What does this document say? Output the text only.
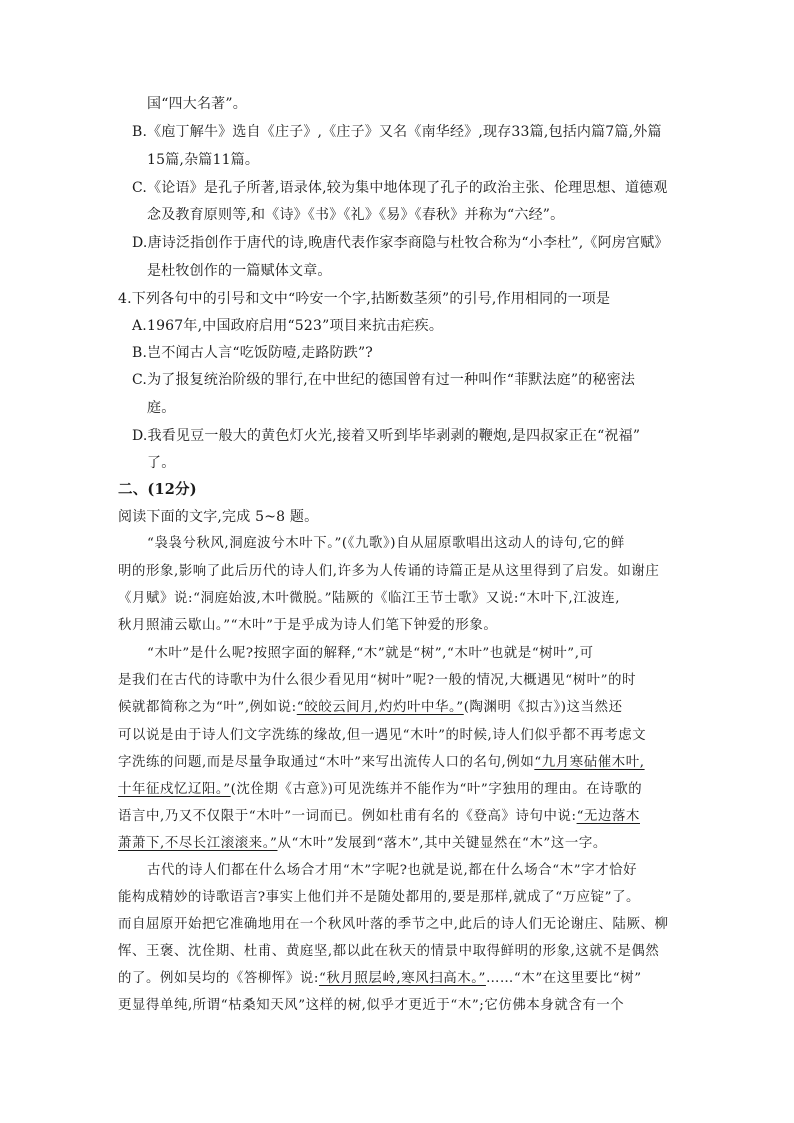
国“四大名著”。
B.《庖丁解牛》选自《庄子》,《庄子》又名《南华经》,现存33篇,包括内篇7篇,外篇
15篇,杂篇11篇。
C.《论语》是孔子所著,语录体,较为集中地体现了孔子的政治主张、伦理思想、道德观
念及教育原则等,和《诗》《书》《礼》《易》《春秋》并称为“六经”。
D.唐诗泛指创作于唐代的诗,晚唐代表作家李商隐与杜牧合称为“小李杜”,《阿房宫赋》
是杜牧创作的一篇赋体文章。
4.下列各句中的引号和文中“吟安一个字,拈断数茎须”的引号,作用相同的一项是
A.1967年,中国政府启用“523”项目来抗击疟疾。
B.岂不闻古人言“吃饭防噎,走路防跌”?
C.为了报复统治阶级的罪行,在中世纪的德国曾有过一种叫作“菲默法庭”的秘密法
庭。
D.我看见豆一般大的黄色灯火光,接着又听到毕毕剥剥的鞭炮,是四叔家正在“祝福”
了。
二、(12分)
阅读下面的文字,完成 5~8 题。
“袅袅兮秋风,洞庭波兮木叶下。”(《九歌》)自从屈原歌唱出这动人的诗句,它的鲜
明的形象,影响了此后历代的诗人们,许多为人传诵的诗篇正是从这里得到了启发。如谢庄
《月赋》说:“洞庭始波,木叶微脱。”陆厥的《临江王节士歌》又说:“木叶下,江波连,
秋月照浦云歇山。”“木叶”于是乎成为诗人们笔下钟爱的形象。
“木叶”是什么呢?按照字面的解释,“木”就是“树”,“木叶”也就是“树叶”,可
是我们在古代的诗歌中为什么很少看见用“树叶”呢?一般的情况,大概遇见“树叶”的时
候就都简称之为“叶”,例如说:“皎皎云间月,灼灼叶中华。”(陶渊明《拟古》)这当然还
可以说是由于诗人们文字洗练的缘故,但一遇见“木叶”的时候,诗人们似乎都不再考虑文
字洗练的问题,而是尽量争取通过“木叶”来写出流传人口的名句,例如“九月寒砧催木叶,
十年征戍忆辽阳。”(沈佺期《古意》)可见洗练并不能作为“叶”字独用的理由。在诗歌的
语言中,乃又不仅限于“木叶”一词而已。例如杜甫有名的《登高》诗句中说:“无边落木
萧萧下,不尽长江滚滚来。”从“木叶”发展到“落木”,其中关键显然在“木”这一字。
古代的诗人们都在什么场合才用“木”字呢?也就是说,都在什么场合“木”字才恰好
能构成精妙的诗歌语言?事实上他们并不是随处都用的,要是那样,就成了“万应锭”了。
而自屈原开始把它准确地用在一个秋风叶落的季节之中,此后的诗人们无论谢庄、陆厥、柳
恽、王褒、沈佺期、杜甫、黄庭坚,都以此在秋天的情景中取得鲜明的形象,这就不是偶然
的了。例如吴均的《答柳恽》说:“秋月照层岭,寒风扫高木。”……“木”在这里要比“树”
更显得单纯,所谓“枯桑知天风”这样的树,似乎才更近于“木”;它仿佛本身就含有一个
